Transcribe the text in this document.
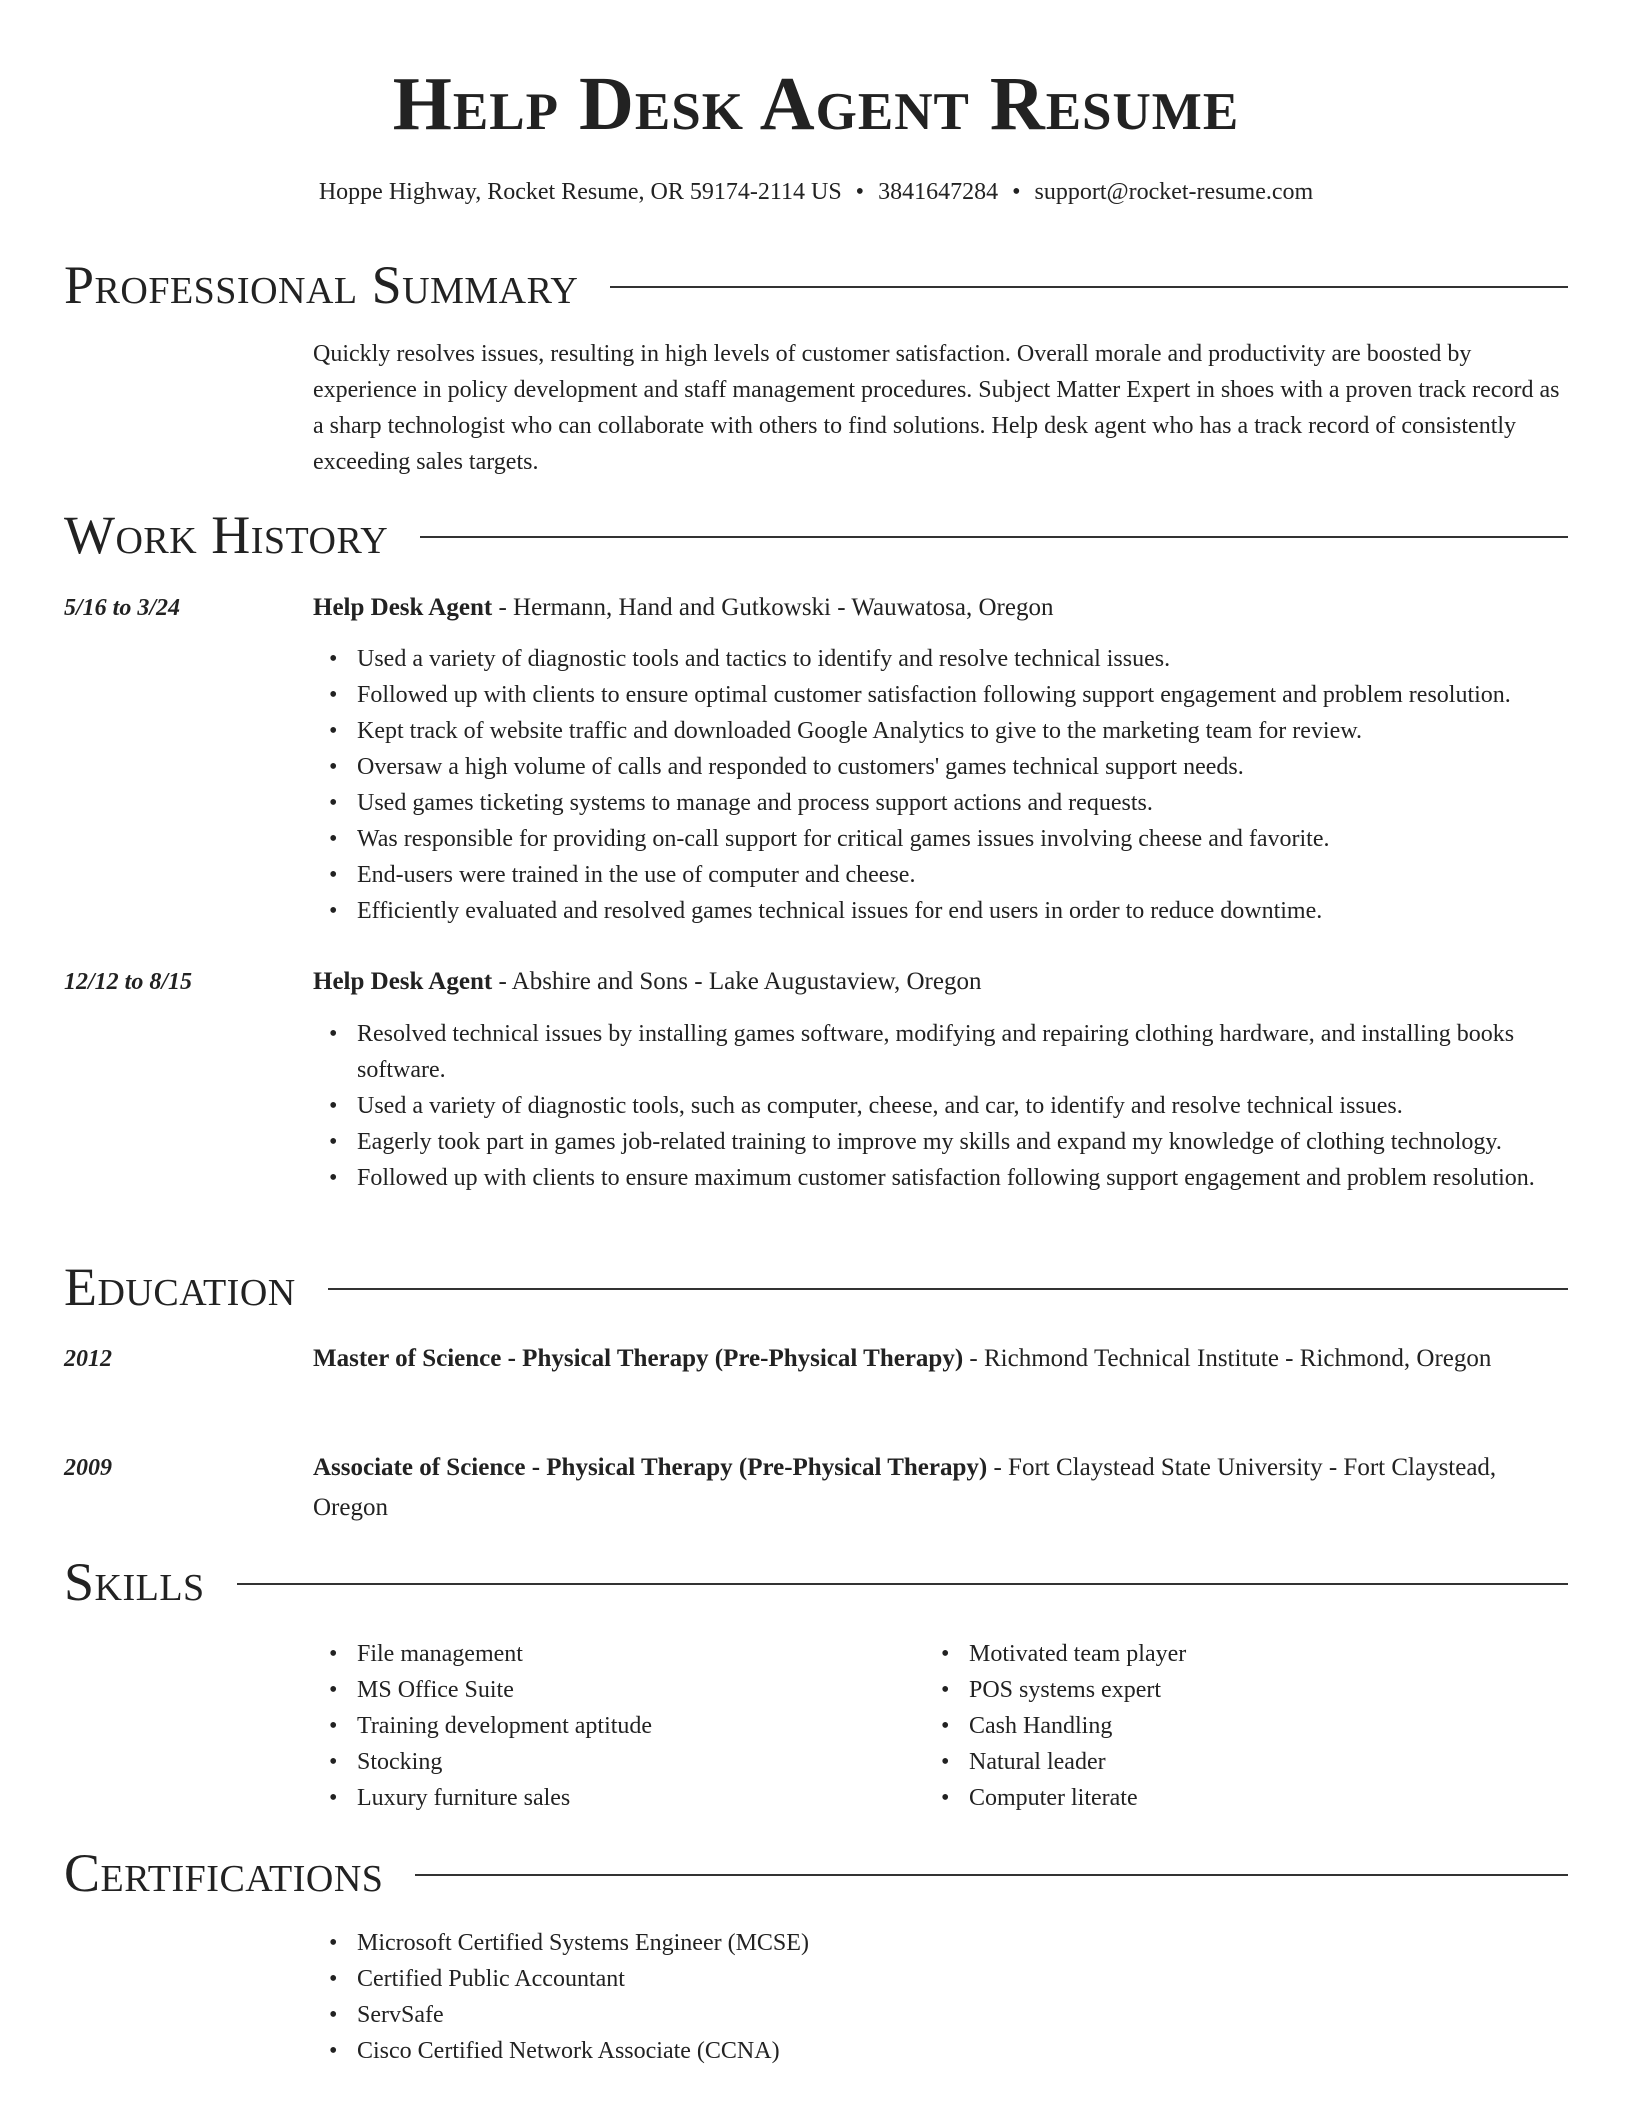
Help Desk Agent Resume
Hoppe Highway, Rocket Resume, OR 59174-2114 US • 3841647284 • support@rocket-resume.com
Professional Summary

Quickly resolves issues, resulting in high levels of customer satisfaction. Overall morale and productivity are boosted by experience in policy development and staff management procedures. Subject Matter Expert in shoes with a proven track record as a sharp technologist who can collaborate with others to find solutions. Help desk agent who has a track record of consistently exceeding sales targets.

Work History
5/16 to 3/24	Help Desk Agent - Hermann, Hand and Gutkowski - Wauwatosa, Oregon
• Used a variety of diagnostic tools and tactics to identify and resolve technical issues.
• Followed up with clients to ensure optimal customer satisfaction following support engagement and problem resolution.
• Kept track of website traffic and downloaded Google Analytics to give to the marketing team for review.
• Oversaw a high volume of calls and responded to customers' games technical support needs.
• Used games ticketing systems to manage and process support actions and requests.
• Was responsible for providing on-call support for critical games issues involving cheese and favorite.
• End-users were trained in the use of computer and cheese.
• Efficiently evaluated and resolved games technical issues for end users in order to reduce downtime.
12/12 to 8/15	Help Desk Agent - Abshire and Sons - Lake Augustaview, Oregon
• Resolved technical issues by installing games software, modifying and repairing clothing hardware, and installing books software.
• Used a variety of diagnostic tools, such as computer, cheese, and car, to identify and resolve technical issues.
• Eagerly took part in games job-related training to improve my skills and expand my knowledge of clothing technology.
• Followed up with clients to ensure maximum customer satisfaction following support engagement and problem resolution.
Education
2012	Master of Science - Physical Therapy (Pre-Physical Therapy) - Richmond Technical Institute - Richmond, Oregon
2009	Associate of Science - Physical Therapy (Pre-Physical Therapy) - Fort Claystead State University - Fort Claystead, Oregon
Skills
• File management
• MS Office Suite
• Training development aptitude
• Stocking
• Luxury furniture sales
• Motivated team player
• POS systems expert
• Cash Handling
• Natural leader
• Computer literate
Certifications
• Microsoft Certified Systems Engineer (MCSE)
• Certified Public Accountant
• ServSafe
• Cisco Certified Network Associate (CCNA)
